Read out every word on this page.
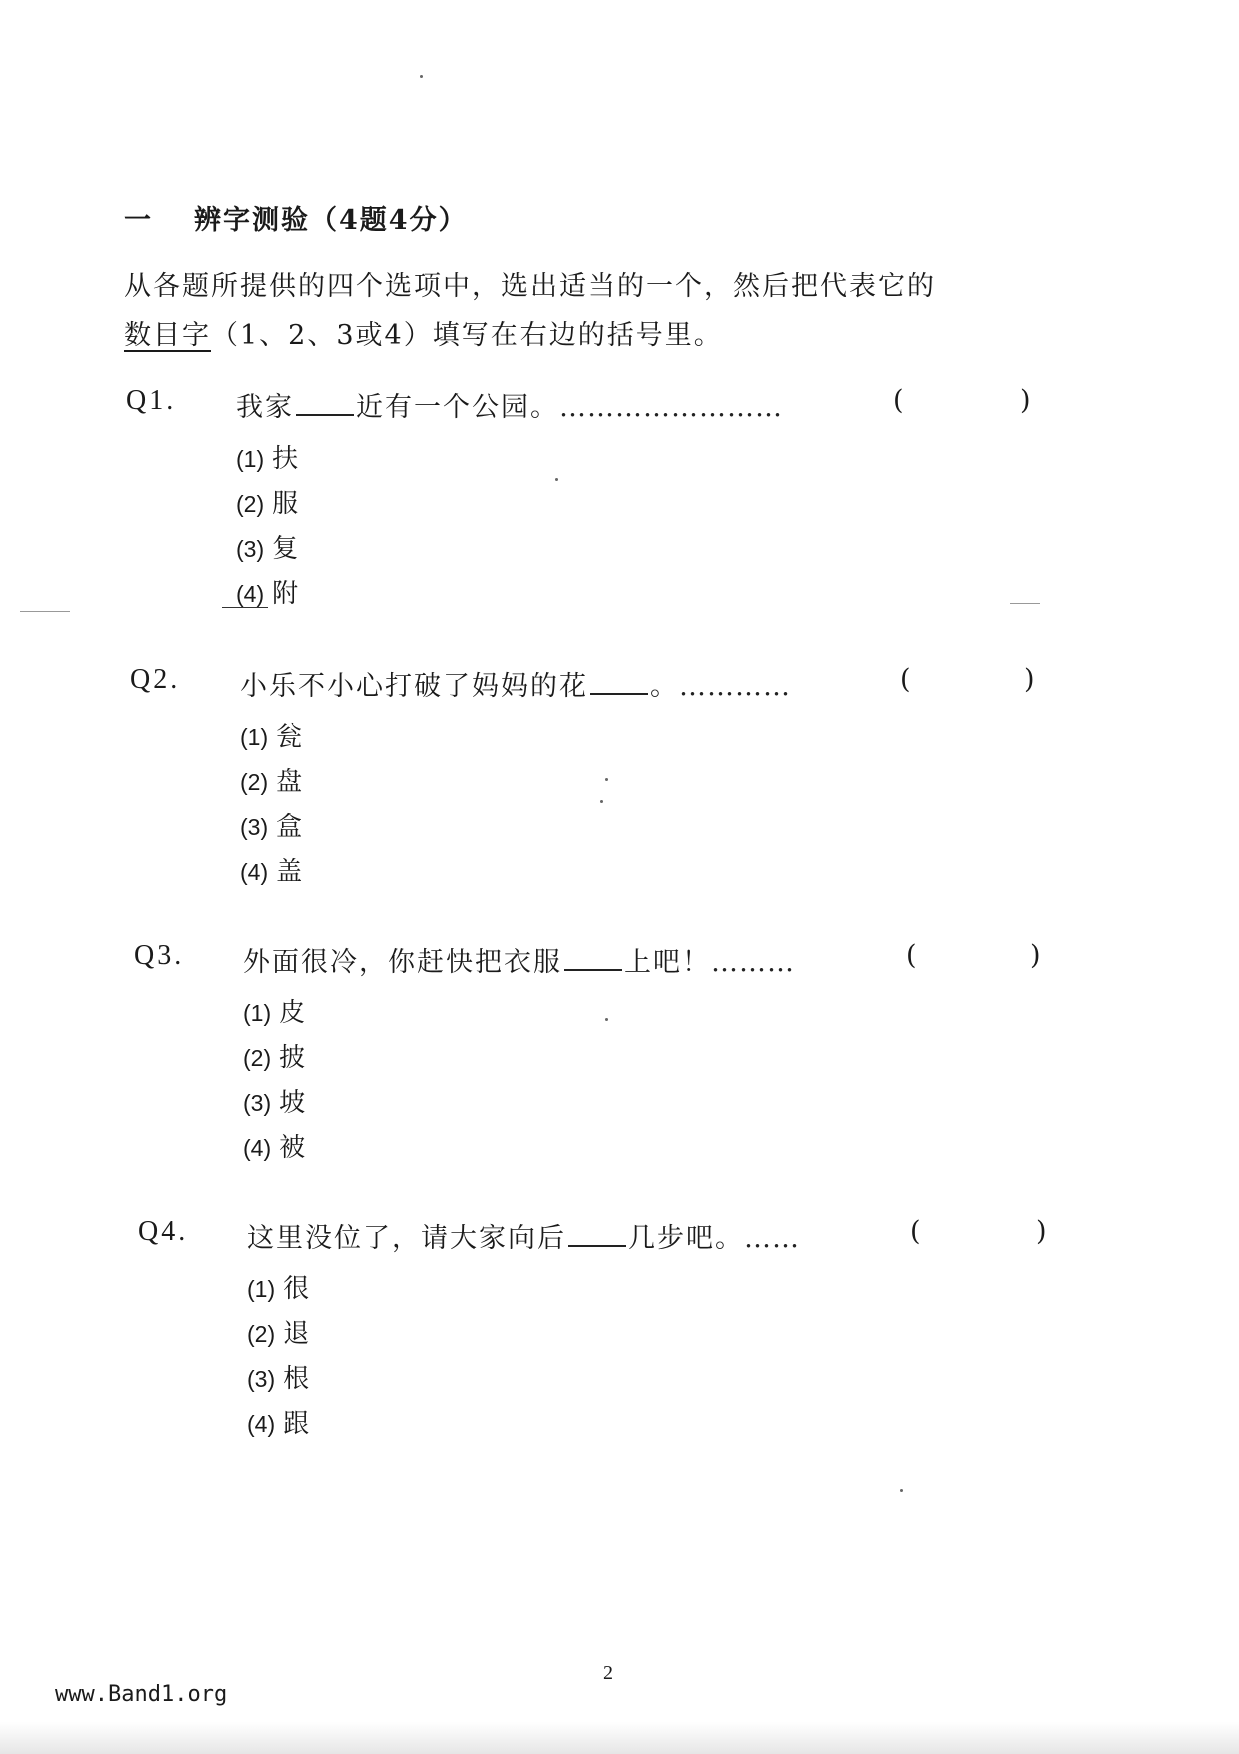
一	辨字测验（4题4分）
从各题所提供的四个选项中，选出适当的一个，然后把代表它的
数目字（1、2、3或4）填写在右边的括号里。
Q1. 我家 近有一个公园。……………………	(	)
(1) 扶
(2) 服
(3) 复
(4) 附
Q2. 小乐不小心打破了妈妈的花 。…………	(	)
(1) 瓮
(2) 盘
(3) 盒
(4) 盖
Q3. 外面很冷，你赶快把衣服 上吧！………	(	)
(1) 皮
(2) 披
(3) 坡
(4) 被
Q4. 这里没位了，请大家向后 几步吧。……	(	)
(1) 很
(2) 退
(3) 根
(4) 跟
2
www.Band1.org
